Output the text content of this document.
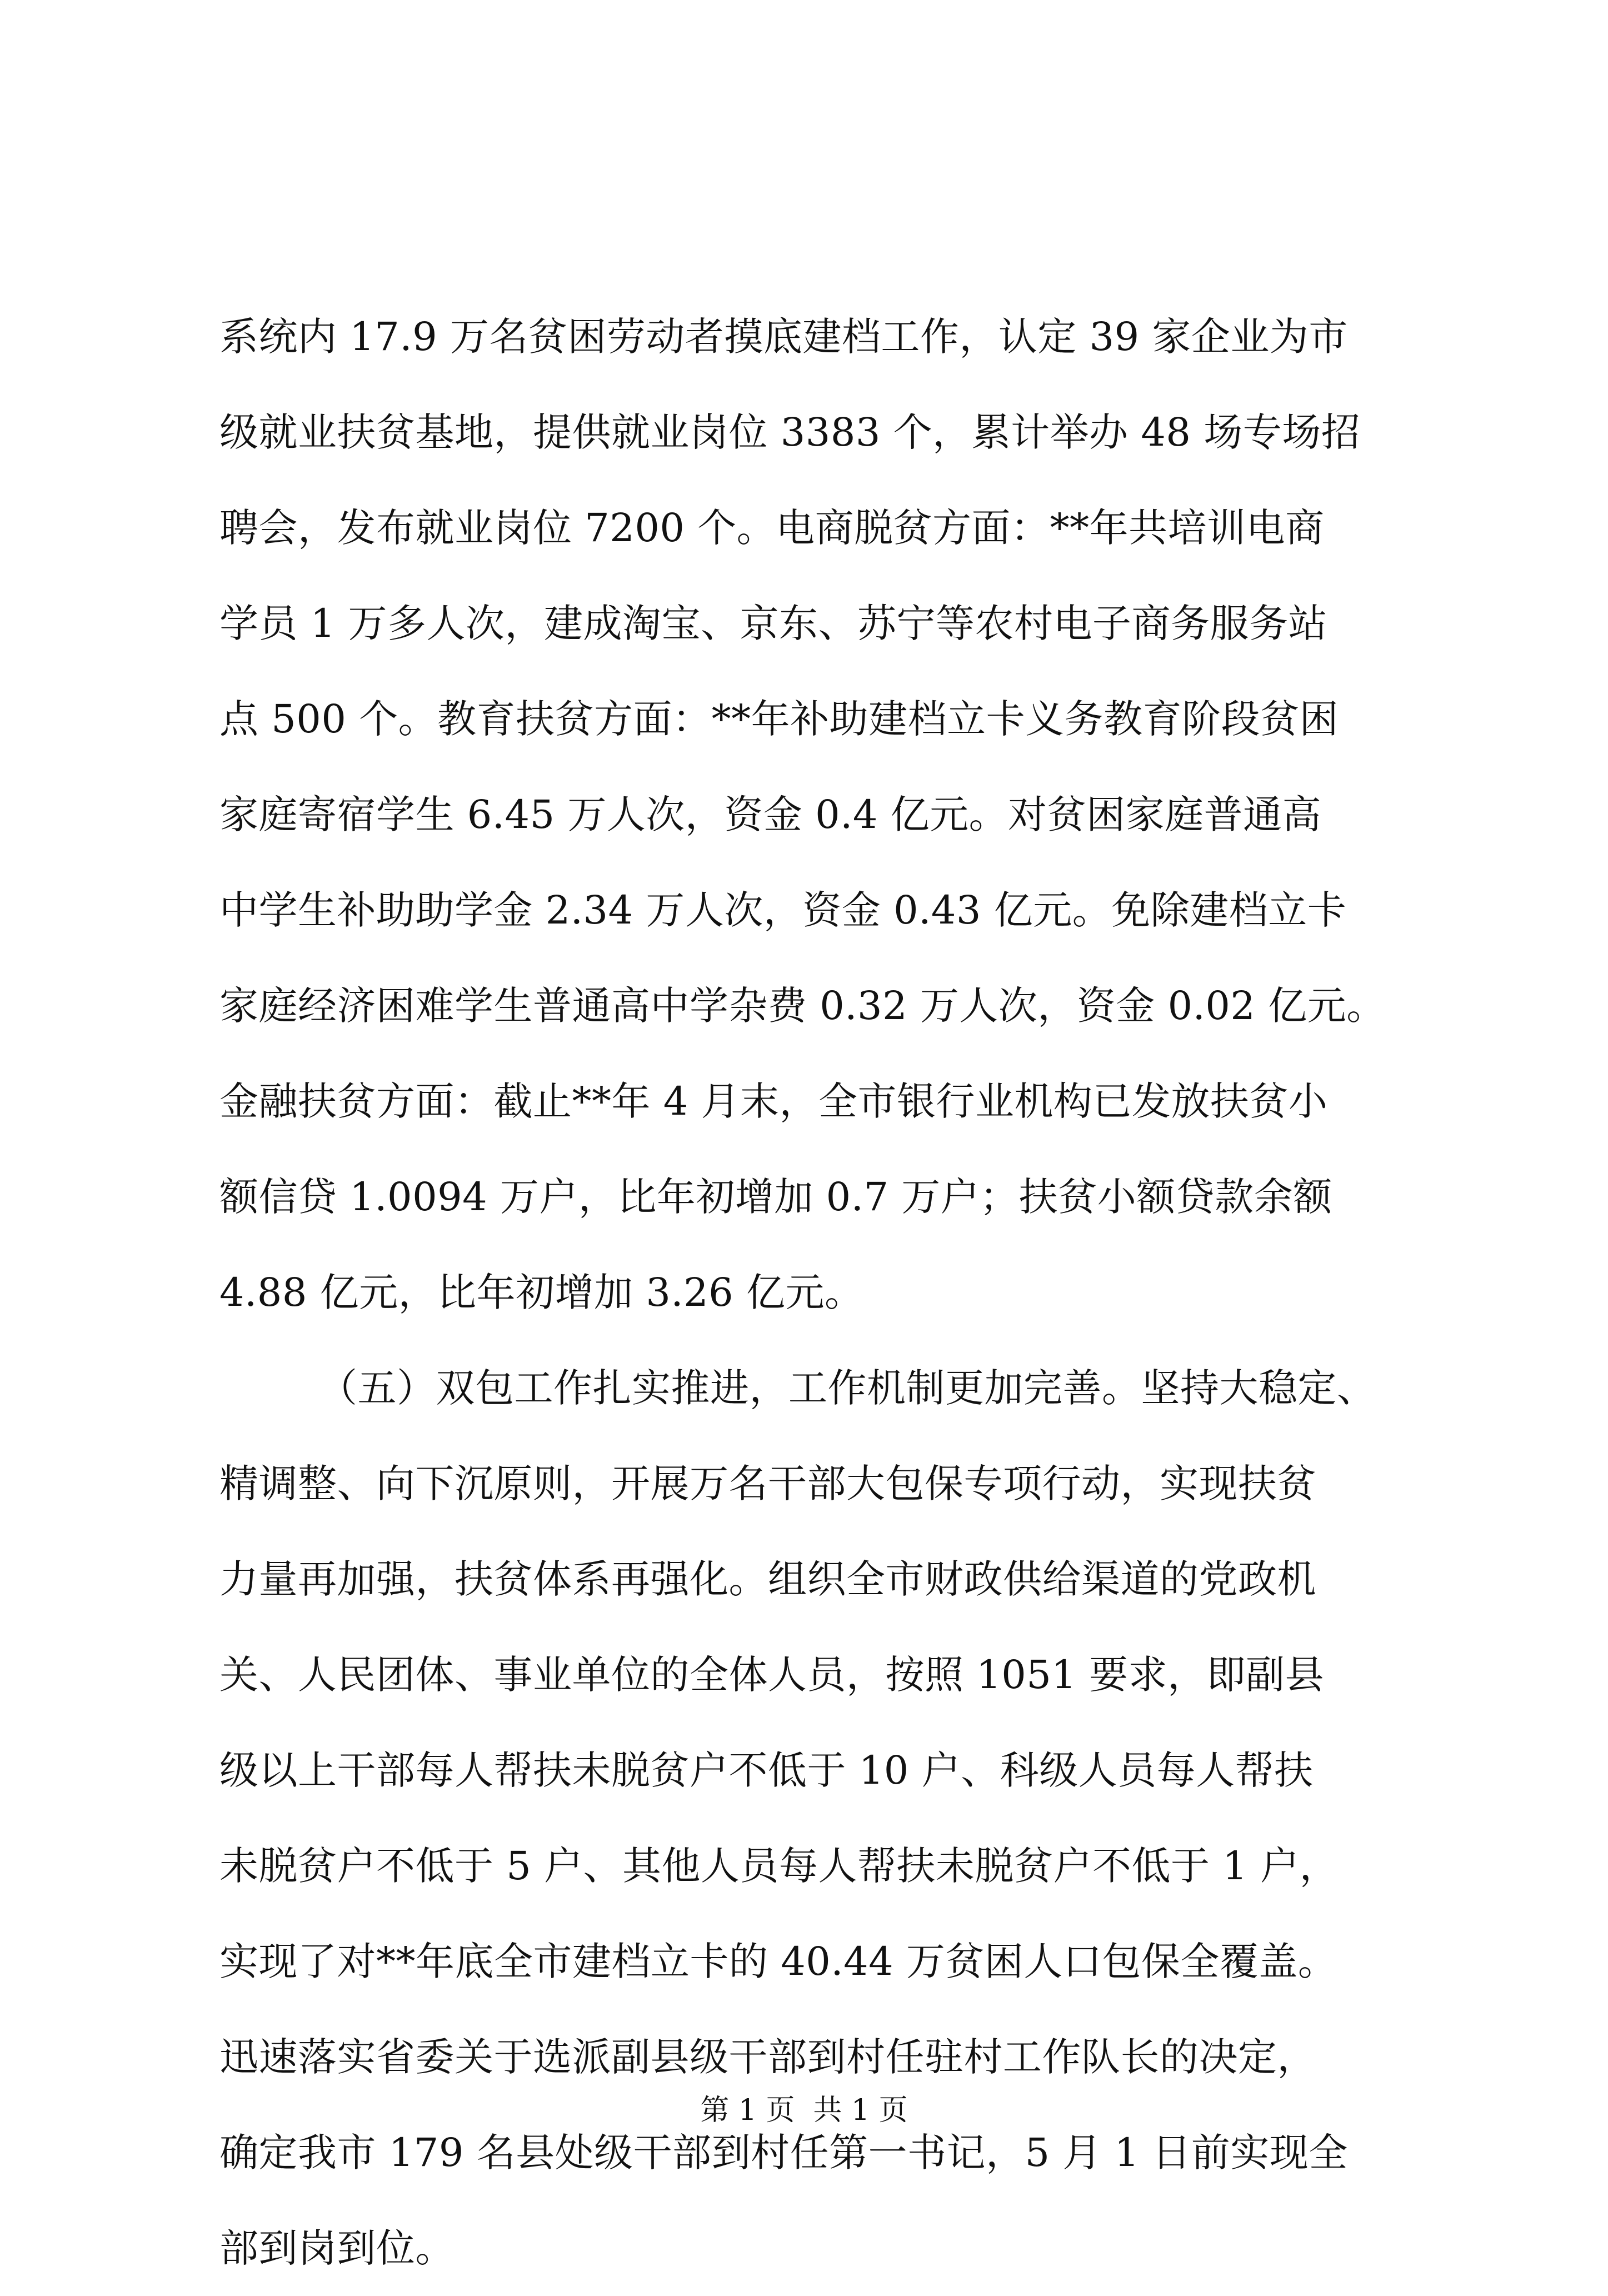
系统内 17.9 万名贫困劳动者摸底建档工作，认定 39 家企业为市
级就业扶贫基地，提供就业岗位 3383 个，累计举办 48 场专场招
聘会，发布就业岗位 7200 个。电商脱贫方面：**年共培训电商
学员 1 万多人次，建成淘宝、京东、苏宁等农村电子商务服务站
点 500 个。教育扶贫方面：**年补助建档立卡义务教育阶段贫困
家庭寄宿学生 6.45 万人次，资金 0.4 亿元。对贫困家庭普通高
中学生补助助学金 2.34 万人次，资金 0.43 亿元。免除建档立卡
家庭经济困难学生普通高中学杂费 0.32 万人次，资金 0.02 亿元。
金融扶贫方面：截止**年 4 月末，全市银行业机构已发放扶贫小
额信贷 1.0094 万户，比年初增加 0.7 万户；扶贫小额贷款余额
4.88 亿元，比年初增加 3.26 亿元。
（五）双包工作扎实推进，工作机制更加完善。坚持大稳定、
精调整、向下沉原则，开展万名干部大包保专项行动，实现扶贫
力量再加强，扶贫体系再强化。组织全市财政供给渠道的党政机
关、人民团体、事业单位的全体人员，按照 1051 要求，即副县
级以上干部每人帮扶未脱贫户不低于 10 户、科级人员每人帮扶
未脱贫户不低于 5 户、其他人员每人帮扶未脱贫户不低于 1 户，
实现了对**年底全市建档立卡的 40.44 万贫困人口包保全覆盖。
迅速落实省委关于选派副县级干部到村任驻村工作队长的决定，
确定我市 179 名县处级干部到村任第一书记，5 月 1 日前实现全
部到岗到位。
第 1 页  共 1 页
